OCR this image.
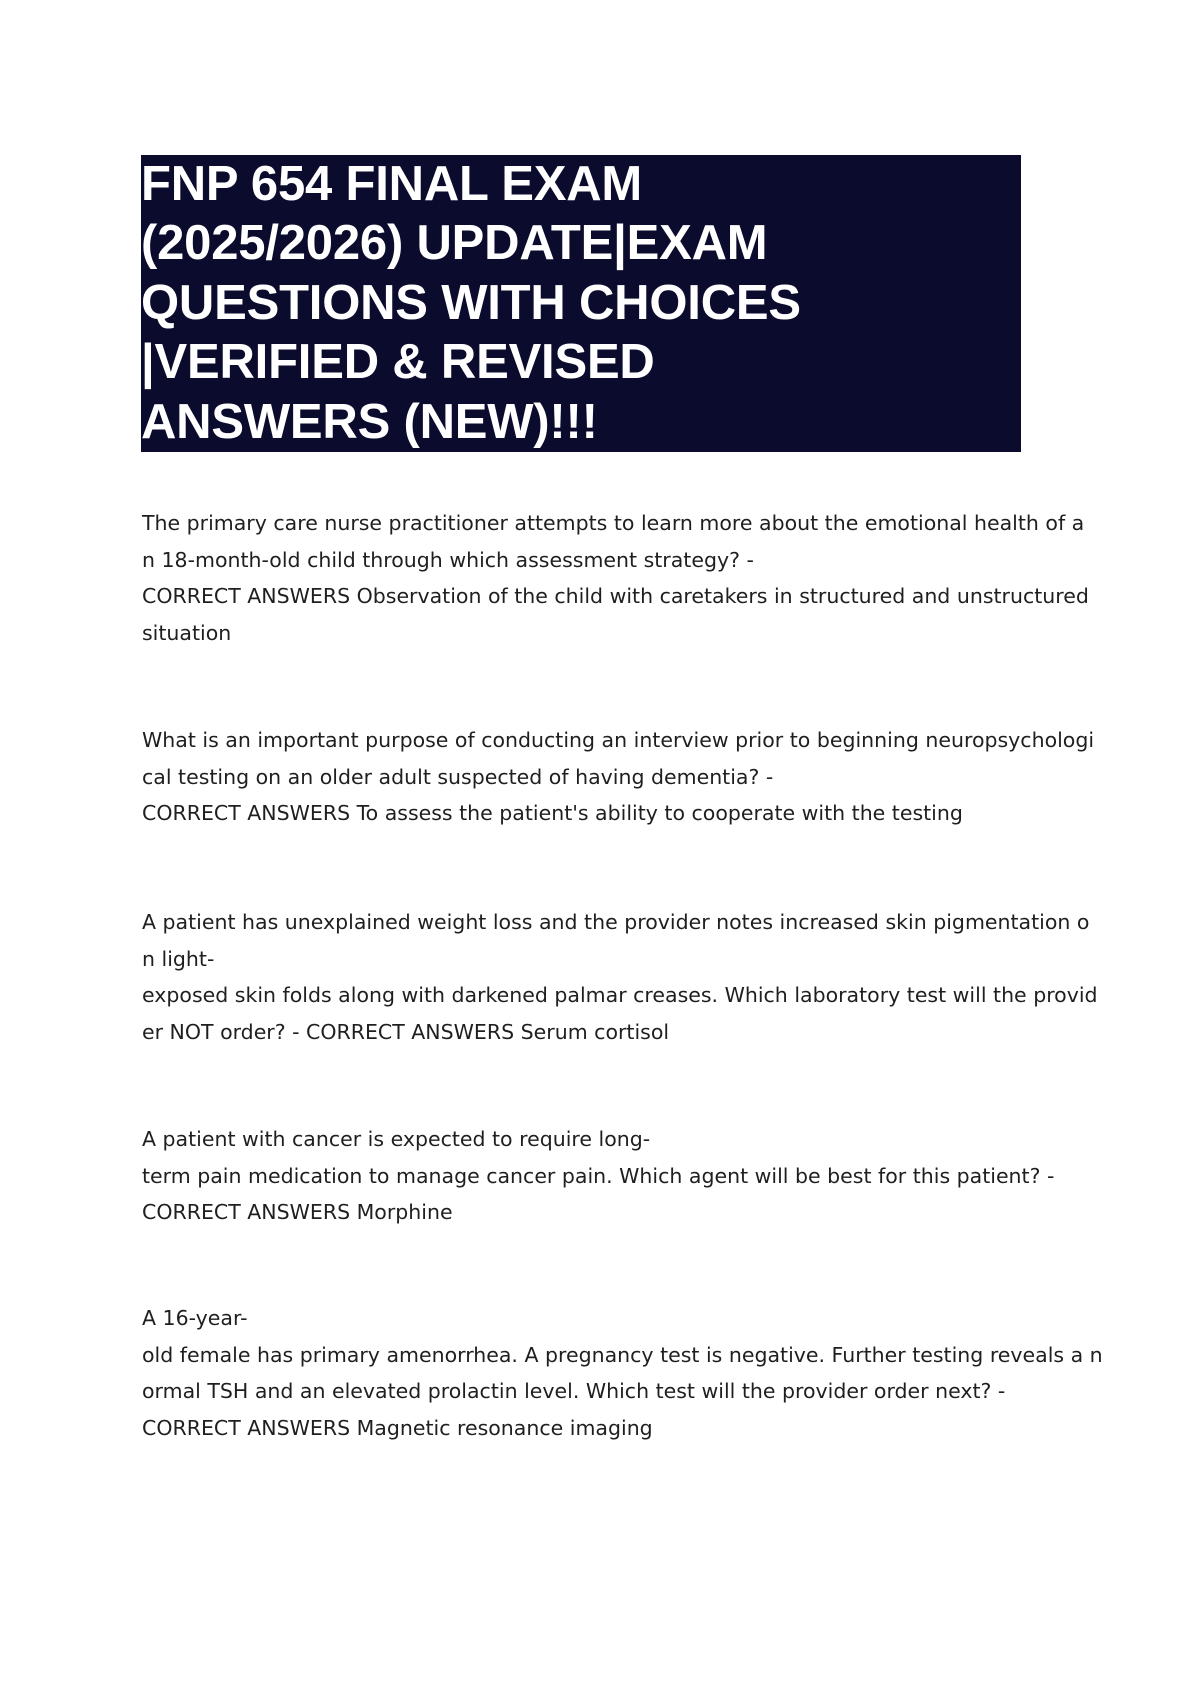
FNP 654 FINAL EXAM
(2025/2026) UPDATE|EXAM
QUESTIONS WITH CHOICES
|VERIFIED & REVISED
ANSWERS (NEW)!!!
The primary care nurse practitioner attempts to learn more about the emotional health of a
n 18-month-old child through which assessment strategy? -
CORRECT ANSWERS Observation of the child with caretakers in structured and unstructured
situation
What is an important purpose of conducting an interview prior to beginning neuropsychologi
cal testing on an older adult suspected of having dementia? -
CORRECT ANSWERS To assess the patient's ability to cooperate with the testing
A patient has unexplained weight loss and the provider notes increased skin pigmentation o
n light-
exposed skin folds along with darkened palmar creases. Which laboratory test will the provid
er NOT order? - CORRECT ANSWERS Serum cortisol
A patient with cancer is expected to require long-
term pain medication to manage cancer pain. Which agent will be best for this patient? -
CORRECT ANSWERS Morphine
A 16-year-
old female has primary amenorrhea. A pregnancy test is negative. Further testing reveals a n
ormal TSH and an elevated prolactin level. Which test will the provider order next? -
CORRECT ANSWERS Magnetic resonance imaging
